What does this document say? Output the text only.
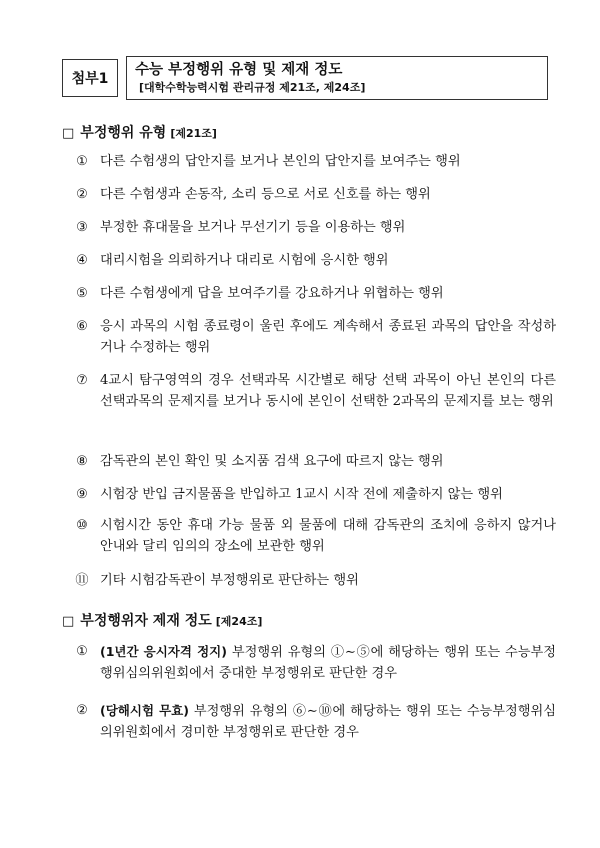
첨부1
수능 부정행위 유형 및 제재 정도
[대학수학능력시험 관리규정 제21조, 제24조]
□ 부정행위 유형 [제21조]
① 다른 수험생의 답안지를 보거나 본인의 답안지를 보여주는 행위
② 다른 수험생과 손동작, 소리 등으로 서로 신호를 하는 행위
③ 부정한 휴대물을 보거나 무선기기 등을 이용하는 행위
④ 대리시험을 의뢰하거나 대리로 시험에 응시한 행위
⑤ 다른 수험생에게 답을 보여주기를 강요하거나 위협하는 행위
⑥ 응시 과목의 시험 종료령이 울린 후에도 계속해서 종료된 과목의 답안을 작성하거나 수정하는 행위
⑦ 4교시 탐구영역의 경우 선택과목 시간별로 해당 선택 과목이 아닌 본인의 다른 선택과목의 문제지를 보거나 동시에 본인이 선택한 2과목의 문제지를 보는 행위
⑧ 감독관의 본인 확인 및 소지품 검색 요구에 따르지 않는 행위
⑨ 시험장 반입 금지물품을 반입하고 1교시 시작 전에 제출하지 않는 행위
⑩ 시험시간 동안 휴대 가능 물품 외 물품에 대해 감독관의 조치에 응하지 않거나 안내와 달리 임의의 장소에 보관한 행위
⑪ 기타 시험감독관이 부정행위로 판단하는 행위
□ 부정행위자 제재 정도 [제24조]
① (1년간 응시자격 정지) 부정행위 유형의 ①∼⑤에 해당하는 행위 또는 수능부정행위심의위원회에서 중대한 부정행위로 판단한 경우
② (당해시험 무효) 부정행위 유형의 ⑥∼⑩에 해당하는 행위 또는 수능부정행위심의위원회에서 경미한 부정행위로 판단한 경우
